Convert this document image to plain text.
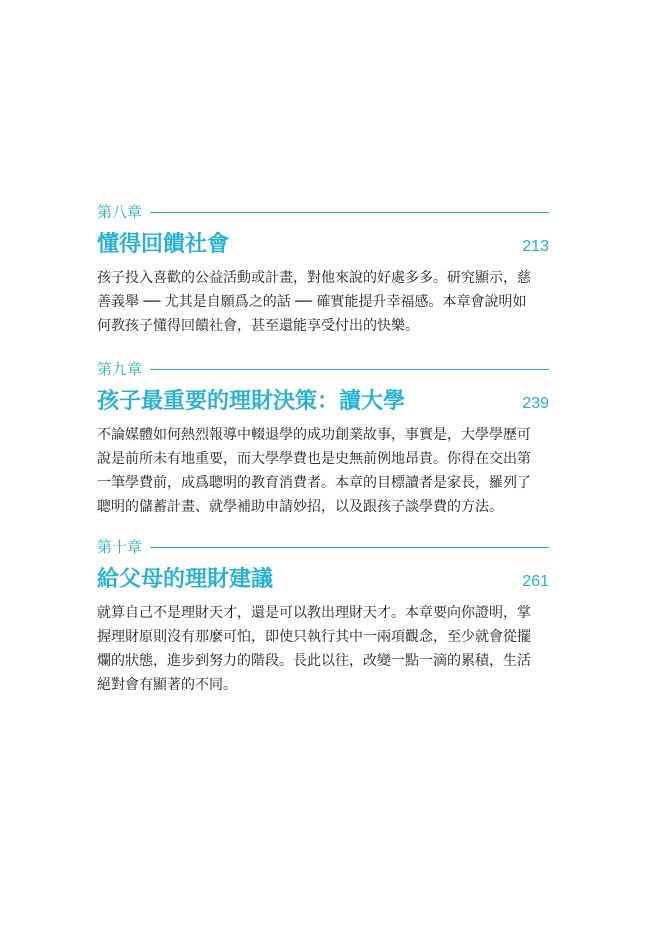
第八章
懂得回饋社會	213

孩子投入喜歡的公益活動或計畫，對他來說的好處多多。研究顯示，慈

善義舉 ── 尤其是自願爲之的話 ── 確實能提升幸福感。本章會說明如

何教孩子懂得回饋社會，甚至還能享受付出的快樂。

第九章
孩子最重要的理財決策：讀大學	239

不論媒體如何熱烈報導中輟退學的成功創業故事，事實是，大學學歷可

說是前所未有地重要，而大學學費也是史無前例地昂貴。你得在交出第

一筆學費前，成爲聰明的教育消費者。本章的目標讀者是家長，羅列了

聰明的儲蓄計畫、就學補助申請妙招，以及跟孩子談學費的方法。

第十章
給父母的理財建議	261

就算自己不是理財天才，還是可以教出理財天才。本章要向你證明，掌

握理財原則沒有那麼可怕，即使只執行其中一兩項觀念，至少就會從擺

爛的狀態，進步到努力的階段。長此以往，改變一點一滴的累積，生活

絕對會有顯著的不同。
